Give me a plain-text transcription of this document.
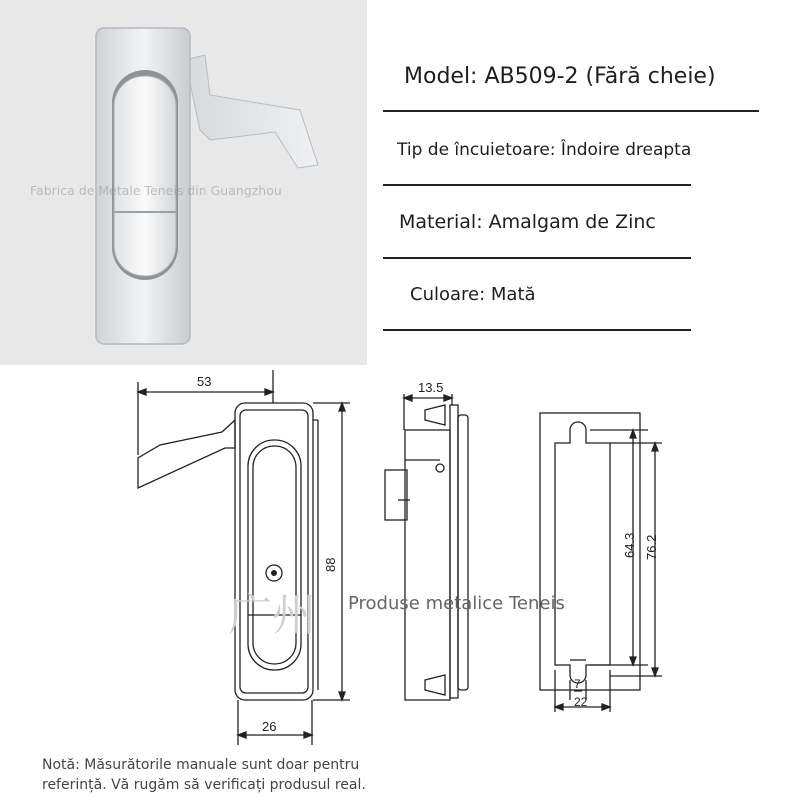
Fabrica de Metale Teneis din Guangzhou
Model: AB509-2 (Fără cheie)
Tip de încuietoare: Îndoire dreapta
Material: Amalgam de Zinc
Culoare: Mată
广州
53	13.5
88
26
64.3 76.2
7
22
Produse metalice Teneis
Notă: Măsurătorile manuale sunt doar pentru
referință. Vă rugăm să verificați produsul real.
